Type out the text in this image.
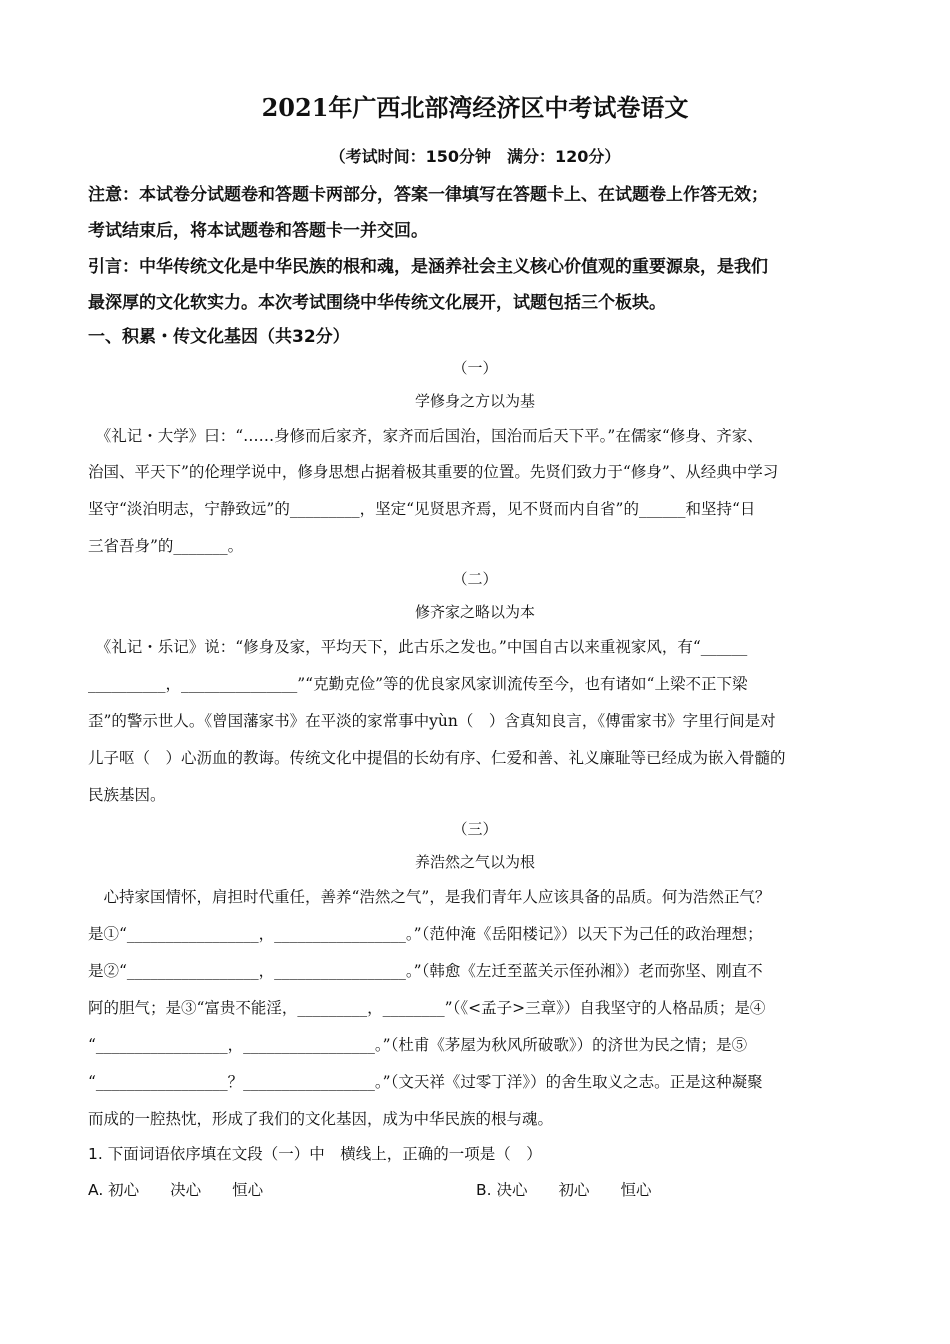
2021年广西北部湾经济区中考试卷语文
（考试时间：150分钟　满分：120分）
注意：本试卷分试题卷和答题卡两部分，答案一律填写在答题卡上、在试题卷上作答无效；
考试结束后，将本试题卷和答题卡一并交回。
引言：中华传统文化是中华民族的根和魂，是涵养社会主义核心价值观的重要源泉，是我们
最深厚的文化软实力。本次考试围绕中华传统文化展开，试题包括三个板块。
一、积累・传文化基因（共32分）
（一）
学修身之方以为基
　《礼记・大学》曰：“……身修而后家齐，家齐而后国治，国治而后天下平。”在儒家“修身、齐家、
治国、平天下”的伦理学说中，修身思想占据着极其重要的位置。先贤们致力于“修身”、从经典中学习
坚守“淡泊明志，宁静致远”的_________，坚定“见贤思齐焉，见不贤而内自省”的______和坚持“日
三省吾身”的_______。
（二）
修齐家之略以为本
　《礼记・乐记》说：“修身及家，平均天下，此古乐之发也。”中国自古以来重视家风，有“______
__________，_______________”“克勤克俭”等的优良家风家训流传至今，也有诸如“上梁不正下梁
歪”的警示世人。《曾国藩家书》在平淡的家常事中yùn（　）含真知良言，《傅雷家书》字里行间是对
儿子呕（　）心沥血的教诲。传统文化中提倡的长幼有序、仁爱和善、礼义廉耻等已经成为嵌入骨髓的
民族基因。
（三）
养浩然之气以为根
　心持家国情怀，肩担时代重任，善养“浩然之气”，是我们青年人应该具备的品质。何为浩然正气？
是①“_________________，_________________。”（范仲淹《岳阳楼记》）以天下为己任的政治理想；
是②“_________________，_________________。”（韩愈《左迁至蓝关示侄孙湘》）老而弥坚、刚直不
阿的胆气；是③“富贵不能淫，_________，________”（《<孟子>三章》）自我坚守的人格品质；是④
“_________________，_________________。”（杜甫《茅屋为秋风所破歌》）的济世为民之情；是⑤
“_________________？_________________。”（文天祥《过零丁洋》）的舍生取义之志。正是这种凝聚
而成的一腔热忱，形成了我们的文化基因，成为中华民族的根与魂。
1. 下面词语依序填在文段（一）中　横线上，正确的一项是（　）
A. 初心　　决心　　恒心	B. 决心　　初心　　恒心
